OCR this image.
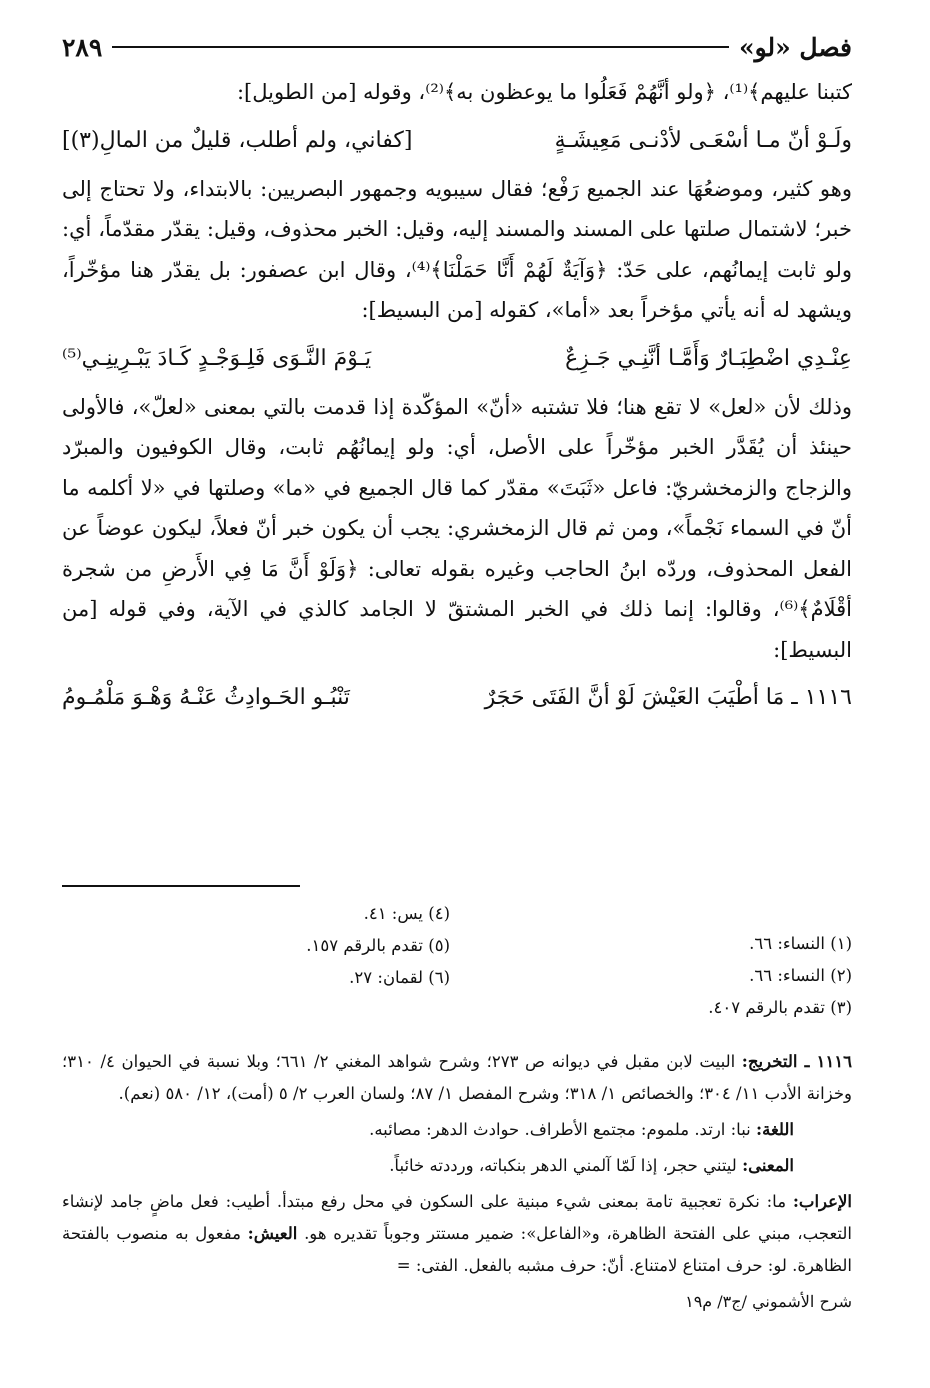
فصل «لو»
٢٨٩

كتبنا عليهم﴾⁽¹⁾، ﴿ولو أنَّهُمْ فَعَلُوا ما يوعظون به﴾⁽²⁾، وقوله [من الطويل]:

ولَـوْ أنّ مـا أسْعَـى لأدْنـى مَعِيشَـةٍ
[كفاني، ولم أطلب، قليلٌ من المالِ(٣)]

وهو كثير، وموضعُهَا عند الجميع رَفْع؛ فقال سيبويه وجمهور البصريين: بالابتداء، ولا تحتاج إلى خبر؛ لاشتمال صلتها على المسند والمسند إليه، وقيل: الخبر محذوف، وقيل: يقدّر مقدّماً، أي: ولو ثابت إيمانُهم، على حَدّ: ﴿وَآيَةٌ لَهُمْ أَنَّا حَمَلْنَا﴾⁽⁴⁾، وقال ابن عصفور: بل يقدّر هنا مؤخّراً، ويشهد له أنه يأتي مؤخراً بعد «أما»، كقوله [من البسيط]:

عِنْـدِي اضْطِبَـارٌ وَأَمَّـا أنَّنِـي جَـزِعٌ
يَـوْمَ النَّـوَى فَلِـوَجْـدٍ كَـادَ يَبْـرِينِـي⁽⁵⁾

وذلك لأن «لعل» لا تقع هنا؛ فلا تشتبه «أنّ» المؤكّدة إذا قدمت بالتي بمعنى «لعلّ»، فالأولى حينئذ أن يُقَدَّر الخبر مؤخّراً على الأصل، أي: ولو إيمانُهُم ثابت، وقال الكوفيون والمبرّد والزجاج والزمخشريّ: فاعل «ثَبَتَ» مقدّر كما قال الجميع في «ما» وصلتها في «لا أكلمه ما أنّ في السماء نَجْماً»، ومن ثم قال الزمخشري: يجب أن يكون خبر أنّ فعلاً، ليكون عوضاً عن الفعل المحذوف، وردّه ابنُ الحاجب وغيره بقوله تعالى: ﴿وَلَوْ أَنَّ مَا فِي الأَرضِ من شجرة أقْلَامٌ﴾⁽⁶⁾، وقالوا: إنما ذلك في الخبر المشتقّ لا الجامد كالذي في الآية، وفي قوله [من البسيط]:

١١١٦ ـ مَا أطْيَبَ العَيْشَ لَوْ أنَّ الفَتَى حَجَرٌ
تَنْبُـو الحَـوادِثُ عَنْـهُ وَهْـوَ مَلْمُـومُ
(١) النساء: ٦٦.
(٢) النساء: ٦٦.
(٣) تقدم بالرقم ٤٠٧.
(٤) يس: ٤١.
(٥) تقدم بالرقم ١٥٧.
(٦) لقمان: ٢٧.

١١١٦ ـ التخريج: البيت لابن مقبل في ديوانه ص ٢٧٣؛ وشرح شواهد المغني ٢/ ٦٦١؛ وبلا نسبة في الحيوان ٤/ ٣١٠؛ وخزانة الأدب ١١/ ٣٠٤؛ والخصائص ١/ ٣١٨؛ وشرح المفصل ١/ ٨٧؛ ولسان العرب ٢/ ٥ (أمت)، ١٢/ ٥٨٠ (نعم).

اللغة: نبا: ارتد. ملموم: مجتمع الأطراف. حوادث الدهر: مصائبه.

المعنى: ليتني حجر، إذا لَمّا آلمني الدهر بنكباته، ورددته خائباً.

الإعراب: ما: نكرة تعجبية تامة بمعنى شيء مبنية على السكون في محل رفع مبتدأ. أطيب: فعل ماضٍ جامد لإنشاء التعجب، مبني على الفتحة الظاهرة، و«الفاعل»: ضمير مستتر وجوباً تقديره هو. العيش: مفعول به منصوب بالفتحة الظاهرة. لو: حرف امتناع لامتناع. أنّ: حرف مشبه بالفعل. الفتى: =

شرح الأشموني /ج٣/ م١٩
